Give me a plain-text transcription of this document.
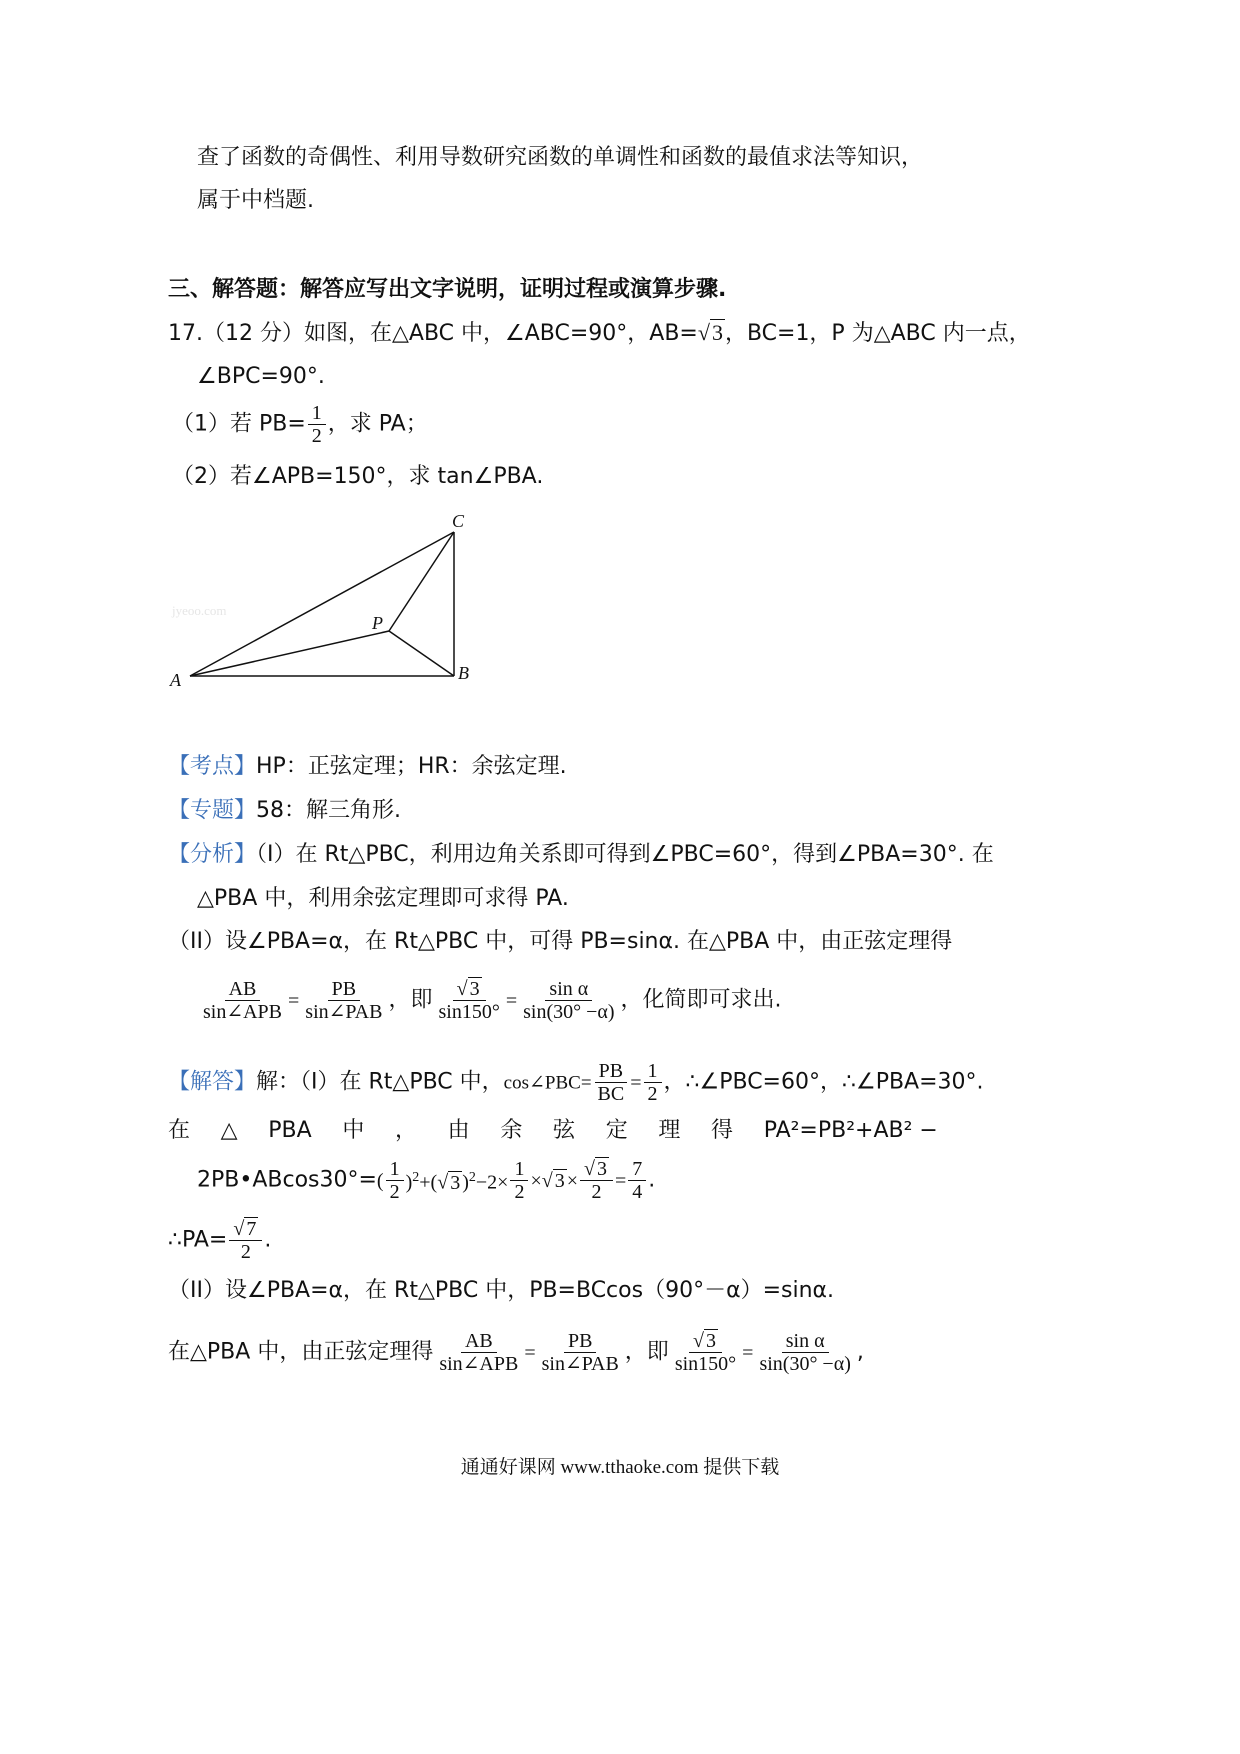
查了函数的奇偶性、利用导数研究函数的单调性和函数的最值求法等知识，
属于中档题.
三、解答题：解答应写出文字说明，证明过程或演算步骤.
17.（12 分）如图，在△ABC 中，∠ABC=90°，AB=√3，BC=1，P 为△ABC 内一点，
∠BPC=90°.
（1）若 $PB= \frac{1}{2}$ ，求 PA；
（2）若∠APB=150°，求 tan∠PBA.
jyeoo.com
A	B
C
P
【考点】HP：正弦定理；HR：余弦定理.
【专题】58：解三角形.
【分析】（I）在 Rt△PBC，利用边角关系即可得到∠PBC=60°，得到∠PBA=30°. 在
△PBA 中，利用余弦定理即可求得 PA.
（II）设∠PBA=α，在 Rt△PBC 中，可得 PB=sinα. 在△PBA 中，由正弦定理得
$\frac{AB}{\text{sin∠APB}} = \frac{PB}{\text{sin∠PAB}}$ ，即 $\frac{√ 3}{\sin 150^\circ} = \frac{\text{sin α}}{\sin(30^\circ -\alpha)}$ ，化简即可求出.
【解答】解：（I）在 Rt△PBC 中，cos∠PBC= $\frac{PB}{BC} = \frac{1}{2}$ ，∴∠PBC=60°，∴∠PBA=30°.
在 △ PBA 中 ， 由 余 弦 定 理 得 PA²=PB²+AB² −
2PB•ABcos30°=( $\frac{1}{2} )^2+(√$ 3 )$^2-2\times \frac{1}{2}$ ×√ $3 \times \frac{√ 3}{2} = \frac{7}{4}$ .
∴PA= $\frac{√ 7}{2}$ .
（II）设∠PBA=α，在 Rt△PBC 中，PB=BCcos（90°－α）=sinα.
在△PBA 中，由正弦定理得 $\frac{AB}{\text{sin∠APB}} = \frac{PB}{\text{sin∠PAB}}$ ，即 $\frac{√ 3}{\sin 150^\circ} = \frac{\text{sin α}}{\sin(30^\circ -\alpha)}$ ,
通通好课网 www.tthaoke.com 提供下载
